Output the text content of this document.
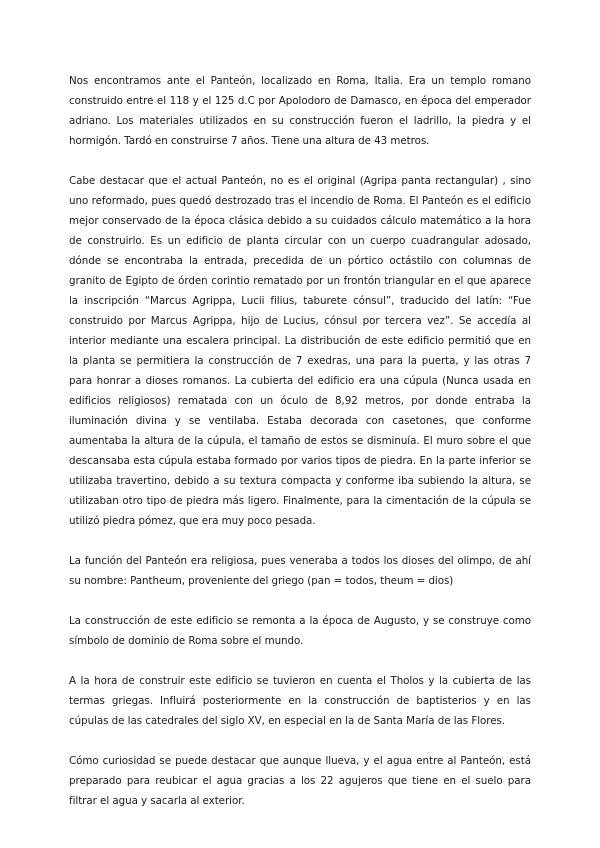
Nos encontramos ante el Panteón, localizado en Roma, Italia. Era un templo romano construido entre el 118 y el 125 d.C por Apolodoro de Damasco, en época del emperador adriano. Los materiales utilizados en su construcción fueron el ladrillo, la piedra y el hormigón. Tardó en construirse 7 años. Tiene una altura de 43 metros.

Cabe destacar que el actual Panteón, no es el original (Agripa panta rectangular) , sino uno reformado, pues quedó destrozado tras el incendio de Roma. El Panteón es el edificio mejor conservado de la época clásica debido a su cuidados cálculo matemático a la hora de construirlo. Es un edificio de planta circular con un cuerpo cuadrangular adosado, dónde se encontraba la entrada, precedida de un pórtico octástilo con columnas de granito de Egipto de órden corintio rematado por un frontón triangular en el que aparece la inscripción “Marcus Agrippa, Lucii filius, taburete cónsul”, traducido del latín: “Fue construido por Marcus Agrippa, hijo de Lucius, cónsul por tercera vez”. Se accedía al interior mediante una escalera principal. La distribución de este edificio permitió que en la planta se permitiera la construcción de 7 exedras, una para la puerta, y las otras 7 para honrar a dioses romanos. La cubierta del edificio era una cúpula (Nunca usada en edificios religiosos) rematada con un óculo de 8,92 metros, por donde entraba la iluminación divina y se ventilaba. Estaba decorada con casetones, que conforme aumentaba la altura de la cúpula, el tamaño de estos se disminuía. El muro sobre el que descansaba esta cúpula estaba formado por varios tipos de piedra. En la parte inferior se utilizaba travertino, debido a su textura compacta y conforme iba subiendo la altura, se utilizaban otro tipo de piedra más ligero. Finalmente, para la cimentación de la cúpula se utilizó piedra pómez, que era muy poco pesada.

La función del Panteón era religiosa, pues veneraba a todos los dioses del olimpo, de ahí su nombre: Pantheum, proveniente del griego (pan = todos, theum = dios)

La construcción de este edificio se remonta a la época de Augusto, y se construye como símbolo de dominio de Roma sobre el mundo.

A la hora de construir este edificio se tuvieron en cuenta el Tholos y la cubierta de las termas griegas. Influirá posteriormente en la construcción de baptisterios y en las cúpulas de las catedrales del siglo XV, en especial en la de Santa María de las Flores.

Cómo curiosidad se puede destacar que aunque llueva, y el agua entre al Panteón, está preparado para reubicar el agua gracias a los 22 agujeros que tiene en el suelo para filtrar el agua y sacarla al exterior.
